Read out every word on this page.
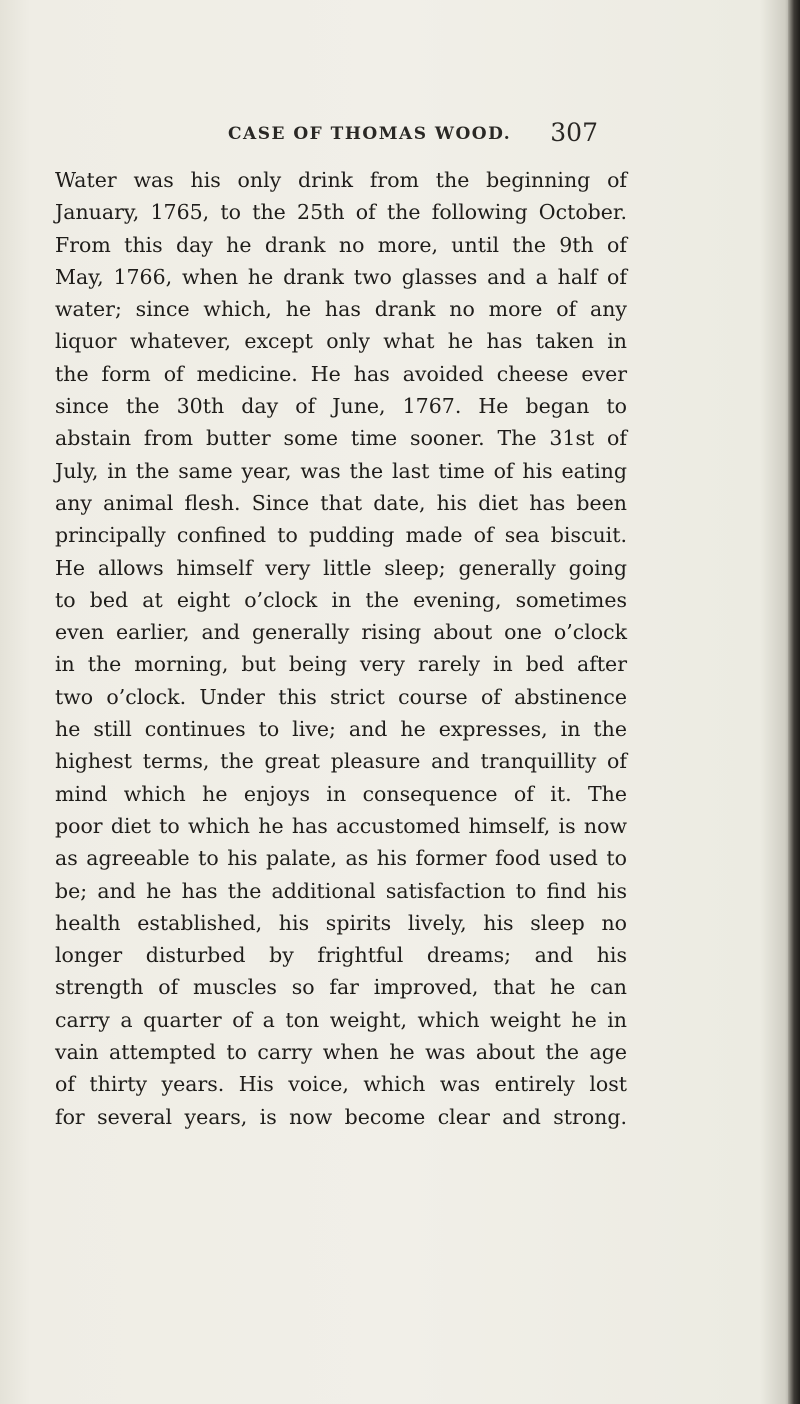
CASE OF THOMAS WOOD. 307
Water was his only drink from the beginning of
January, 1765, to the 25th of the following October.
From this day he drank no more, until the 9th of
May, 1766, when he drank two glasses and a half of
water; since which, he has drank no more of any
liquor whatever, except only what he has taken in
the form of medicine. He has avoided cheese ever
since the 30th day of June, 1767. He began to
abstain from butter some time sooner. The 31st of
July, in the same year, was the last time of his eating
any animal flesh. Since that date, his diet has been
principally confined to pudding made of sea biscuit.
He allows himself very little sleep; generally going
to bed at eight o’clock in the evening, sometimes
even earlier, and generally rising about one o’clock
in the morning, but being very rarely in bed after
two o’clock. Under this strict course of abstinence
he still continues to live; and he expresses, in the
highest terms, the great pleasure and tranquillity of
mind which he enjoys in consequence of it. The
poor diet to which he has accustomed himself, is now
as agreeable to his palate, as his former food used to
be; and he has the additional satisfaction to find his
health established, his spirits lively, his sleep no
longer disturbed by frightful dreams; and his
strength of muscles so far improved, that he can
carry a quarter of a ton weight, which weight he in
vain attempted to carry when he was about the age
of thirty years. His voice, which was entirely lost
for several years, is now become clear and strong.
